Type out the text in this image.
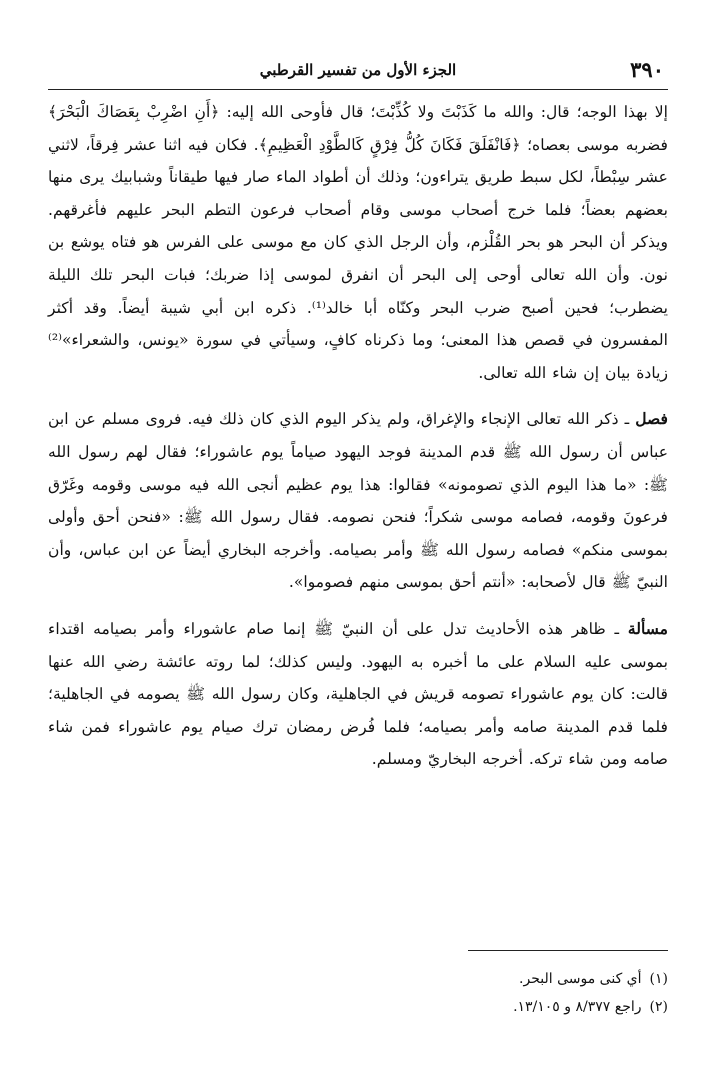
٣٩٠
الجزء الأول من تفسير القرطبي

إلا بهذا الوجه؛ قال: والله ما كَذَبْتَ ولا كُذِّبْتَ؛ قال فأوحى الله إليه: ﴿أَنِ اضْرِبْ بِعَصَاكَ الْبَحْرَ﴾ فضربه موسى بعصاه؛ ﴿فَانْفَلَقَ فَكَانَ كُلُّ فِرْقٍ كَالطَّوْدِ الْعَظِيمِ﴾. فكان فيه اثنا عشر فِرقاً، لاثني عشر سِبْطاً، لكل سبط طريق يتراءون؛ وذلك أن أطواد الماء صار فيها طيقاناً وشبابيك يرى منها بعضهم بعضاً؛ فلما خرج أصحاب موسى وقام أصحاب فرعون التطم البحر عليهم فأغرقهم. ويذكر أن البحر هو بحر القُلْزم، وأن الرجل الذي كان مع موسى على الفرس هو فتاه يوشع بن نون. وأن الله تعالى أوحى إلى البحر أن انفرق لموسى إذا ضربك؛ فبات البحر تلك الليلة يضطرب؛ فحين أصبح ضرب البحر وكنّاه أبا خالد⁽¹⁾. ذكره ابن أبي شيبة أيضاً. وقد أكثر المفسرون في قصص هذا المعنى؛ وما ذكرناه كافٍ، وسيأتي في سورة «يونس، والشعراء»⁽²⁾ زيادة بيان إن شاء الله تعالى.

فصل ـ ذكر الله تعالى الإنجاء والإغراق، ولم يذكر اليوم الذي كان ذلك فيه. فروى مسلم عن ابن عباس أن رسول الله ﷺ قدم المدينة فوجد اليهود صياماً يوم عاشوراء؛ فقال لهم رسول الله ﷺ: «ما هذا اليوم الذي تصومونه» فقالوا: هذا يوم عظيم أنجى الله فيه موسى وقومه وغَرّق فرعونَ وقومه، فصامه موسى شكراً؛ فنحن نصومه. فقال رسول الله ﷺ: «فنحن أحق وأولى بموسى منكم» فصامه رسول الله ﷺ وأمر بصيامه. وأخرجه البخاري أيضاً عن ابن عباس، وأن النبيّ ﷺ قال لأصحابه: «أنتم أحق بموسى منهم فصوموا».

مسألة ـ ظاهر هذه الأحاديث تدل على أن النبيّ ﷺ إنما صام عاشوراء وأمر بصيامه اقتداء بموسى عليه السلام على ما أخبره به اليهود. وليس كذلك؛ لما روته عائشة رضي الله عنها قالت: كان يوم عاشوراء تصومه قريش في الجاهلية، وكان رسول الله ﷺ يصومه في الجاهلية؛ فلما قدم المدينة صامه وأمر بصيامه؛ فلما فُرض رمضان ترك صيام يوم عاشوراء فمن شاء صامه ومن شاء تركه. أخرجه البخاريّ ومسلم.

(١)أي كنى موسى البحر.

(٢)راجع ٨/٣٧٧ و ١٣/١٠٥.
